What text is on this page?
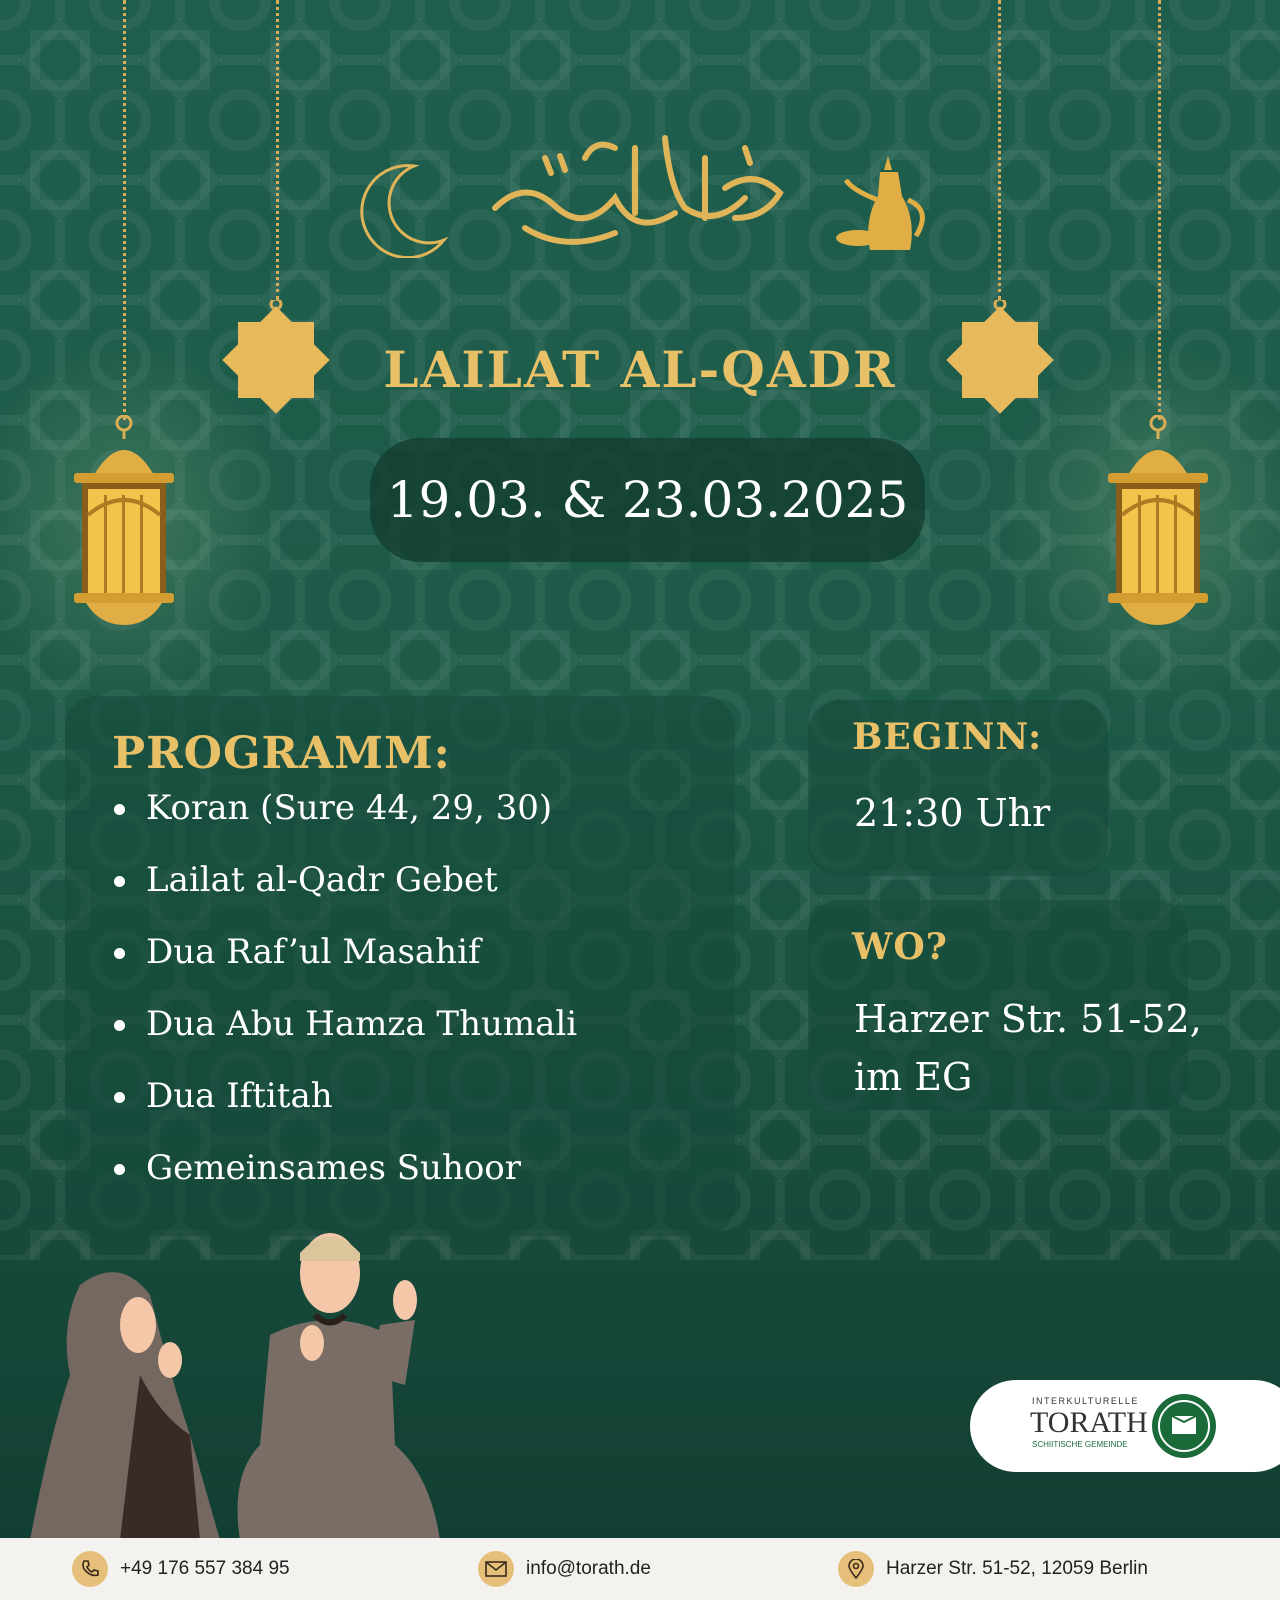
LAILAT AL-QADR
19.03. & 23.03.2025
PROGRAMM:
Koran (Sure 44, 29, 30)
Lailat al-Qadr Gebet
Dua Raf’ul Masahif
Dua Abu Hamza Thumali
Dua Iftitah
Gemeinsames Suhoor
BEGINN:
21:30 Uhr
WO?
Harzer Str. 51-52,
im EG
INTERKULTURELLE
TORATH
SCHIITISCHE GEMEINDE
+49 176 557 384 95	info@torath.de	Harzer Str. 51-52, 12059 Berlin
